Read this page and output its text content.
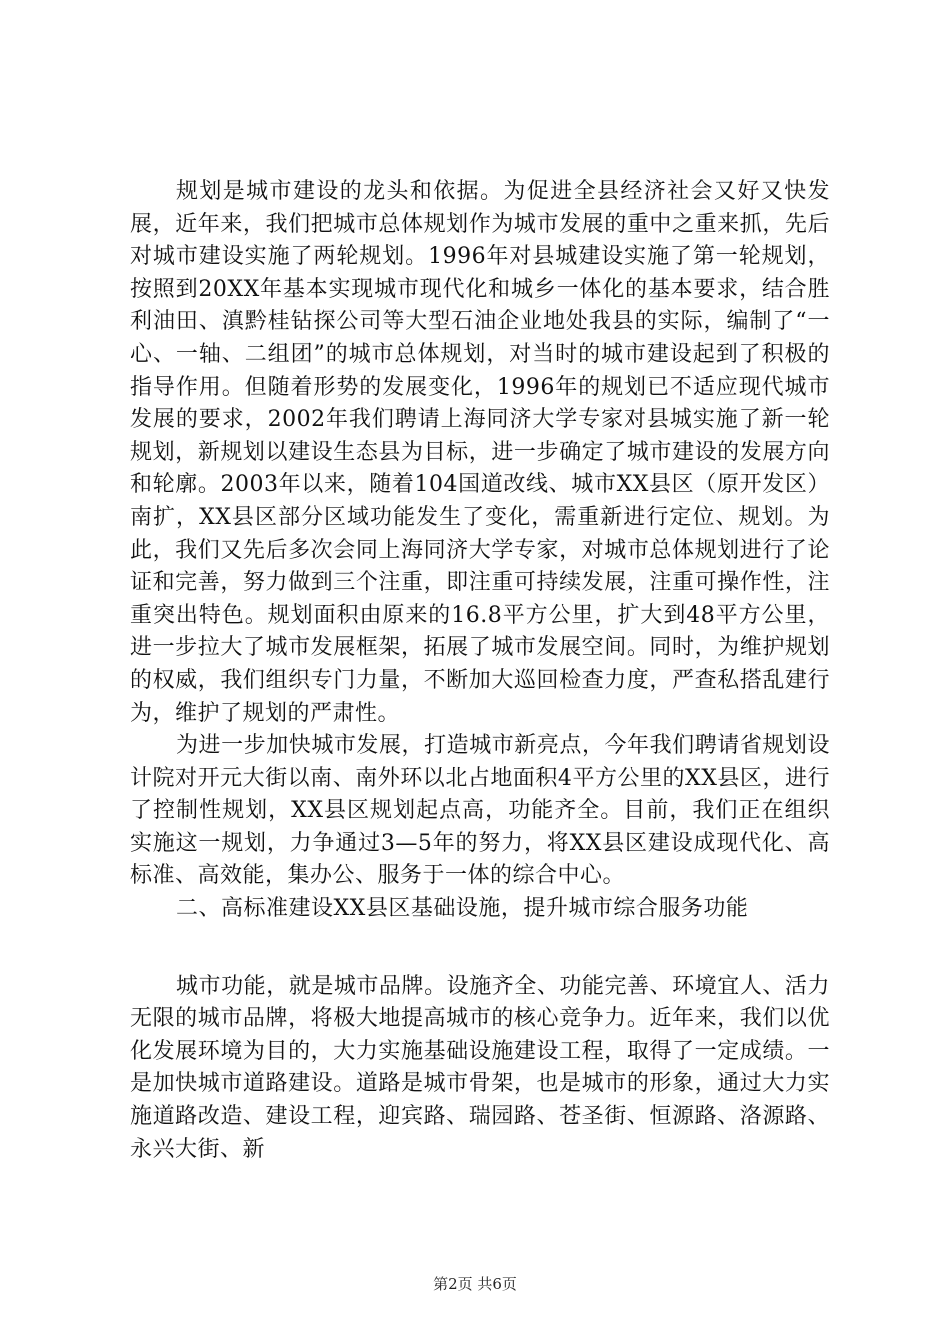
规划是城市建设的龙头和依据。为促进全县经济社会又好又快发展，近年来，我们把城市总体规划作为城市发展的重中之重来抓，先后对城市建设实施了两轮规划。1996年对县城建设实施了第一轮规划，按照到20XX年基本实现城市现代化和城乡一体化的基本要求，结合胜利油田、滇黔桂钻探公司等大型石油企业地处我县的实际，编制了“一心、一轴、二组团”的城市总体规划，对当时的城市建设起到了积极的指导作用。但随着形势的发展变化，1996年的规划已不适应现代城市发展的要求，2002年我们聘请上海同济大学专家对县城实施了新一轮规划，新规划以建设生态县为目标，进一步确定了城市建设的发展方向和轮廓。2003年以来，随着104国道改线、城市XX县区（原开发区）南扩，XX县区部分区域功能发生了变化，需重新进行定位、规划。为此，我们又先后多次会同上海同济大学专家，对城市总体规划进行了论证和完善，努力做到三个注重，即注重可持续发展，注重可操作性，注重突出特色。规划面积由原来的16.8平方公里，扩大到48平方公里，进一步拉大了城市发展框架，拓展了城市发展空间。同时，为维护规划的权威，我们组织专门力量，不断加大巡回检查力度，严查私搭乱建行为，维护了规划的严肃性。

为进一步加快城市发展，打造城市新亮点，今年我们聘请省规划设计院对开元大街以南、南外环以北占地面积4平方公里的XX县区，进行了控制性规划，XX县区规划起点高，功能齐全。目前，我们正在组织实施这一规划，力争通过3—5年的努力，将XX县区建设成现代化、高标准、高效能，集办公、服务于一体的综合中心。

二、高标准建设XX县区基础设施，提升城市综合服务功能

城市功能，就是城市品牌。设施齐全、功能完善、环境宜人、活力无限的城市品牌，将极大地提高城市的核心竞争力。近年来，我们以优化发展环境为目的，大力实施基础设施建设工程，取得了一定成绩。一是加快城市道路建设。道路是城市骨架，也是城市的形象，通过大力实施道路改造、建设工程，迎宾路、瑞园路、苍圣街、恒源路、洛源路、永兴大街、新

第2页 共6页
